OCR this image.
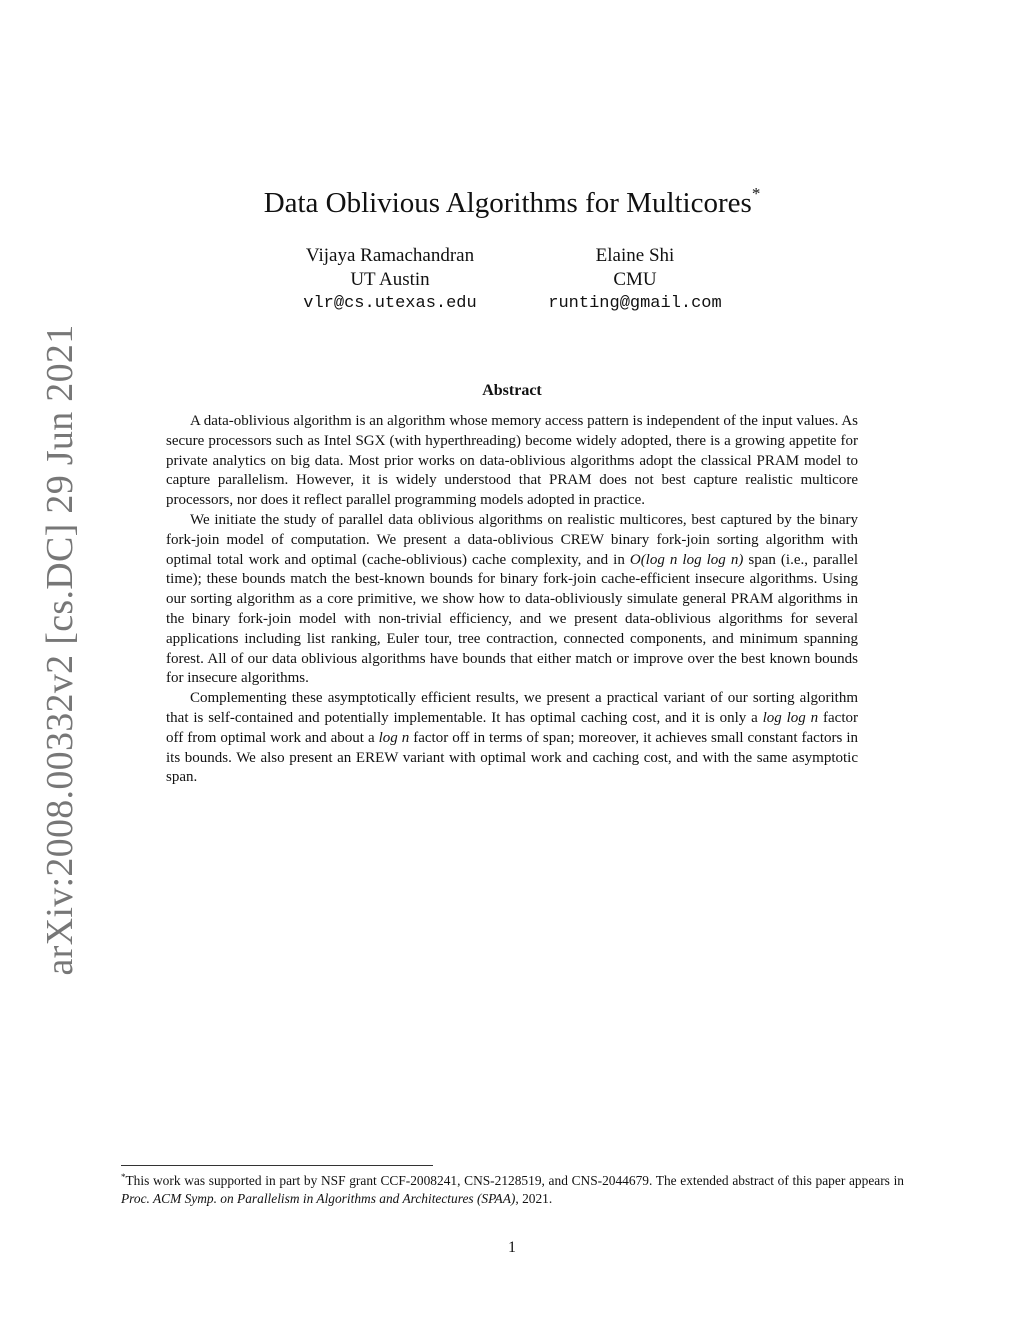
arXiv:2008.00332v2 [cs.DC] 29 Jun 2021
Data Oblivious Algorithms for Multicores*
Vijaya Ramachandran
UT Austin
vlr@cs.utexas.edu
Elaine Shi
CMU
runting@gmail.com
Abstract

A data-oblivious algorithm is an algorithm whose memory access pattern is independent of the input values. As secure processors such as Intel SGX (with hyperthreading) become widely adopted, there is a growing appetite for private analytics on big data. Most prior works on data-oblivious algorithms adopt the classical PRAM model to capture parallelism. However, it is widely understood that PRAM does not best capture realistic multicore processors, nor does it reflect parallel programming models adopted in practice.

We initiate the study of parallel data oblivious algorithms on realistic multicores, best captured by the binary fork-join model of computation. We present a data-oblivious CREW binary fork-join sorting algorithm with optimal total work and optimal (cache-oblivious) cache complexity, and in O(log n log log n) span (i.e., parallel time); these bounds match the best-known bounds for binary fork-join cache-efficient insecure algorithms. Using our sorting algorithm as a core primitive, we show how to data-obliviously simulate general PRAM algorithms in the binary fork-join model with non-trivial efficiency, and we present data-oblivious algorithms for several applications including list ranking, Euler tour, tree contraction, connected components, and minimum spanning forest. All of our data oblivious algorithms have bounds that either match or improve over the best known bounds for insecure algorithms.

Complementing these asymptotically efficient results, we present a practical variant of our sorting algorithm that is self-contained and potentially implementable. It has optimal caching cost, and it is only a log log n factor off from optimal work and about a log n factor off in terms of span; moreover, it achieves small constant factors in its bounds. We also present an EREW variant with optimal work and caching cost, and with the same asymptotic span.

*This work was supported in part by NSF grant CCF-2008241, CNS-2128519, and CNS-2044679. The extended abstract of this paper appears in Proc. ACM Symp. on Parallelism in Algorithms and Architectures (SPAA), 2021.
1
